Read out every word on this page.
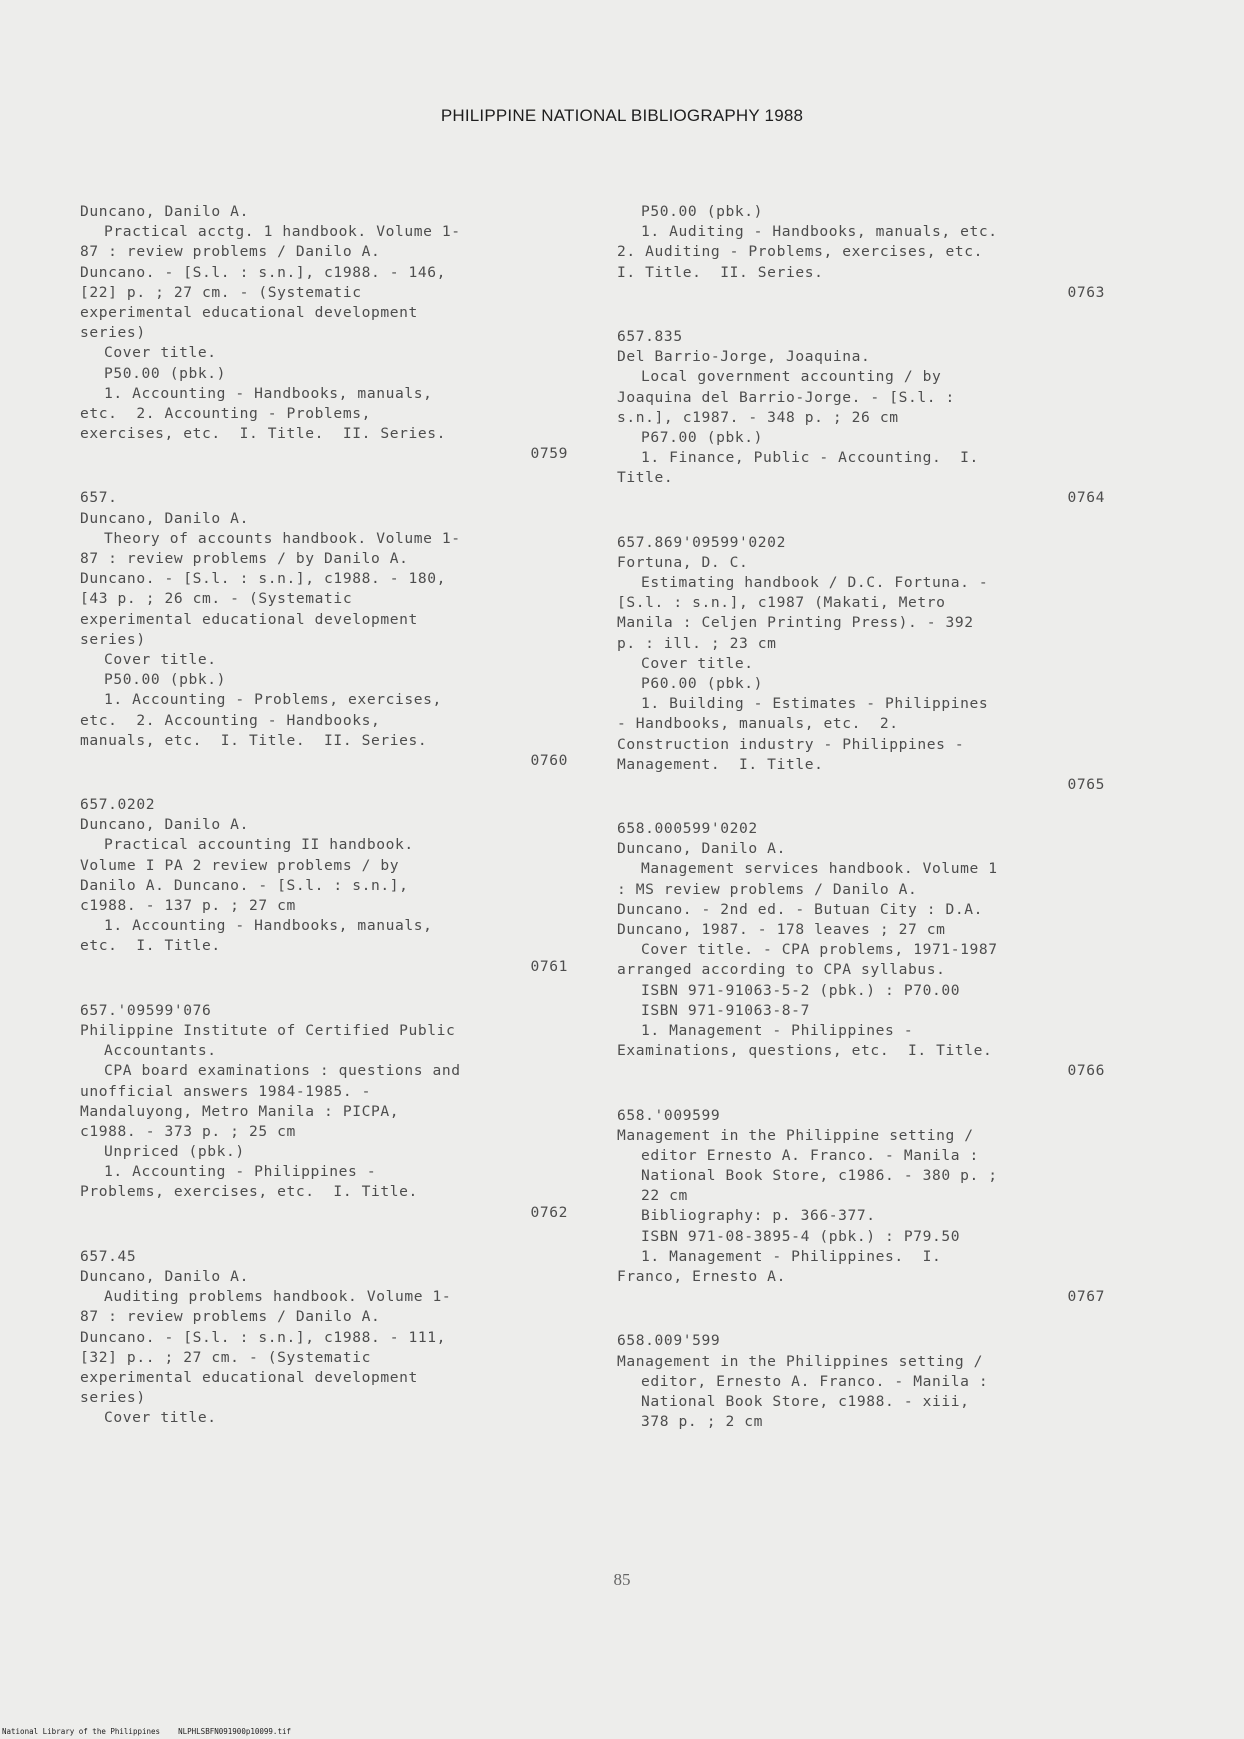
PHILIPPINE NATIONAL BIBLIOGRAPHY 1988
Duncano, Danilo A.
Practical acctg. 1 handbook. Volume 1-
87 : review problems / Danilo A.
Duncano. - [S.l. : s.n.], c1988. - 146,
[22] p. ; 27 cm. - (Systematic
experimental educational development
series)
Cover title.
P50.00 (pbk.)
1. Accounting - Handbooks, manuals,
etc.  2. Accounting - Problems,
exercises, etc.  I. Title.  II. Series.
0759
657.
Duncano, Danilo A.
Theory of accounts handbook. Volume 1-
87 : review problems / by Danilo A.
Duncano. - [S.l. : s.n.], c1988. - 180,
[43 p. ; 26 cm. - (Systematic
experimental educational development
series)
Cover title.
P50.00 (pbk.)
1. Accounting - Problems, exercises,
etc.  2. Accounting - Handbooks,
manuals, etc.  I. Title.  II. Series.
0760
657.0202
Duncano, Danilo A.
Practical accounting II handbook.
Volume I PA 2 review problems / by
Danilo A. Duncano. - [S.l. : s.n.],
c1988. - 137 p. ; 27 cm
1. Accounting - Handbooks, manuals,
etc.  I. Title.
0761
657.'09599'076
Philippine Institute of Certified Public
Accountants.
CPA board examinations : questions and
unofficial answers 1984-1985. -
Mandaluyong, Metro Manila : PICPA,
c1988. - 373 p. ; 25 cm
Unpriced (pbk.)
1. Accounting - Philippines -
Problems, exercises, etc.  I. Title.
0762
657.45
Duncano, Danilo A.
Auditing problems handbook. Volume 1-
87 : review problems / Danilo A.
Duncano. - [S.l. : s.n.], c1988. - 111,
[32] p.. ; 27 cm. - (Systematic
experimental educational development
series)
Cover title.
P50.00 (pbk.)
1. Auditing - Handbooks, manuals, etc.
2. Auditing - Problems, exercises, etc.
I. Title.  II. Series.
0763
657.835
Del Barrio-Jorge, Joaquina.
Local government accounting / by
Joaquina del Barrio-Jorge. - [S.l. :
s.n.], c1987. - 348 p. ; 26 cm
P67.00 (pbk.)
1. Finance, Public - Accounting.  I.
Title.
0764
657.869'09599'0202
Fortuna, D. C.
Estimating handbook / D.C. Fortuna. -
[S.l. : s.n.], c1987 (Makati, Metro
Manila : Celjen Printing Press). - 392
p. : ill. ; 23 cm
Cover title.
P60.00 (pbk.)
1. Building - Estimates - Philippines
- Handbooks, manuals, etc.  2.
Construction industry - Philippines -
Management.  I. Title.
0765
658.000599'0202
Duncano, Danilo A.
Management services handbook. Volume 1
: MS review problems / Danilo A.
Duncano. - 2nd ed. - Butuan City : D.A.
Duncano, 1987. - 178 leaves ; 27 cm
Cover title. - CPA problems, 1971-1987
arranged according to CPA syllabus.
ISBN 971-91063-5-2 (pbk.) : P70.00
ISBN 971-91063-8-7
1. Management - Philippines -
Examinations, questions, etc.  I. Title.
0766
658.'009599
Management in the Philippine setting /
editor Ernesto A. Franco. - Manila :
National Book Store, c1986. - 380 p. ;
22 cm
Bibliography: p. 366-377.
ISBN 971-08-3895-4 (pbk.) : P79.50
1. Management - Philippines.  I.
Franco, Ernesto A.
0767
658.009'599
Management in the Philippines setting /
editor, Ernesto A. Franco. - Manila :
National Book Store, c1988. - xiii,
378 p. ; 2 cm
85
National Library of the Philippines    NLPHLSBFN091900p10099.tif
